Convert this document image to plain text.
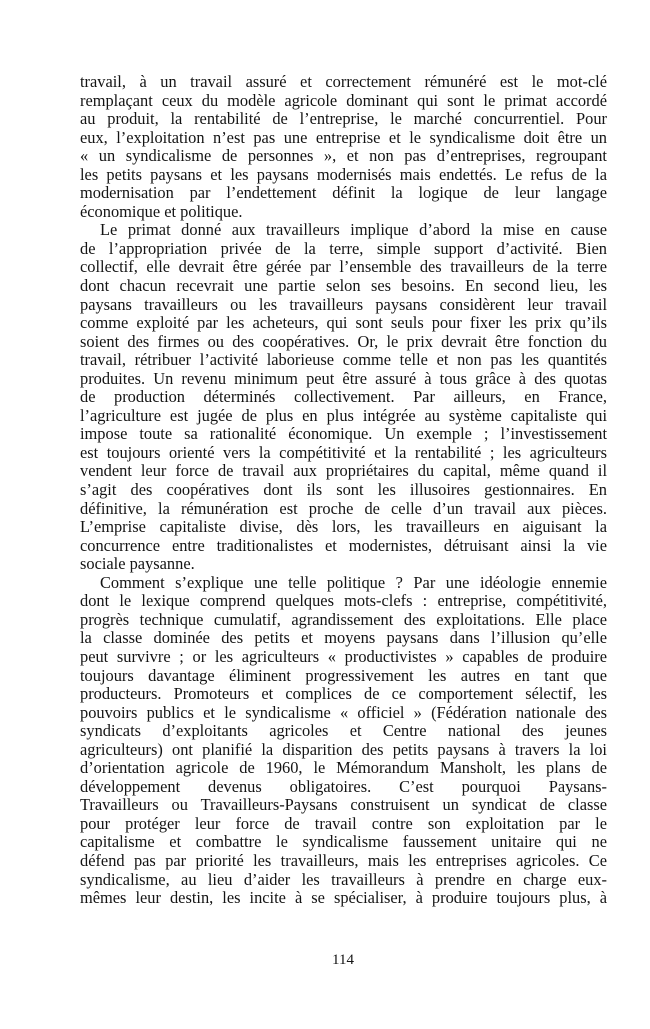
travail, à un travail assuré et correctement rémunéré est le mot-clé
remplaçant ceux du modèle agricole dominant qui sont le primat accordé
au produit, la rentabilité de l’entreprise, le marché concurrentiel. Pour
eux, l’exploitation n’est pas une entreprise et le syndicalisme doit être un
« un syndicalisme de personnes », et non pas d’entreprises, regroupant
les petits paysans et les paysans modernisés mais endettés. Le refus de la
modernisation par l’endettement définit la logique de leur langage
économique et politique.
Le primat donné aux travailleurs implique d’abord la mise en cause
de l’appropriation privée de la terre, simple support d’activité. Bien
collectif, elle devrait être gérée par l’ensemble des travailleurs de la terre
dont chacun recevrait une partie selon ses besoins. En second lieu, les
paysans travailleurs ou les travailleurs paysans considèrent leur travail
comme exploité par les acheteurs, qui sont seuls pour fixer les prix qu’ils
soient des firmes ou des coopératives. Or, le prix devrait être fonction du
travail, rétribuer l’activité laborieuse comme telle et non pas les quantités
produites. Un revenu minimum peut être assuré à tous grâce à des quotas
de production déterminés collectivement. Par ailleurs, en France,
l’agriculture est jugée de plus en plus intégrée au système capitaliste qui
impose toute sa rationalité économique. Un exemple ; l’investissement
est toujours orienté vers la compétitivité et la rentabilité ; les agriculteurs
vendent leur force de travail aux propriétaires du capital, même quand il
s’agit des coopératives dont ils sont les illusoires gestionnaires. En
définitive, la rémunération est proche de celle d’un travail aux pièces.
L’emprise capitaliste divise, dès lors, les travailleurs en aiguisant la
concurrence entre traditionalistes et modernistes, détruisant ainsi la vie
sociale paysanne.
Comment s’explique une telle politique ? Par une idéologie ennemie
dont le lexique comprend quelques mots-clefs : entreprise, compétitivité,
progrès technique cumulatif, agrandissement des exploitations. Elle place
la classe dominée des petits et moyens paysans dans l’illusion qu’elle
peut survivre ; or les agriculteurs « productivistes » capables de produire
toujours davantage éliminent progressivement les autres en tant que
producteurs. Promoteurs et complices de ce comportement sélectif, les
pouvoirs publics et le syndicalisme « officiel » (Fédération nationale des
syndicats d’exploitants agricoles et Centre national des jeunes
agriculteurs) ont planifié la disparition des petits paysans à travers la loi
d’orientation agricole de 1960, le Mémorandum Mansholt, les plans de
développement devenus obligatoires. C’est pourquoi Paysans-
Travailleurs ou Travailleurs-Paysans construisent un syndicat de classe
pour protéger leur force de travail contre son exploitation par le
capitalisme et combattre le syndicalisme faussement unitaire qui ne
défend pas par priorité les travailleurs, mais les entreprises agricoles. Ce
syndicalisme, au lieu d’aider les travailleurs à prendre en charge eux-
mêmes leur destin, les incite à se spécialiser, à produire toujours plus, à
114
